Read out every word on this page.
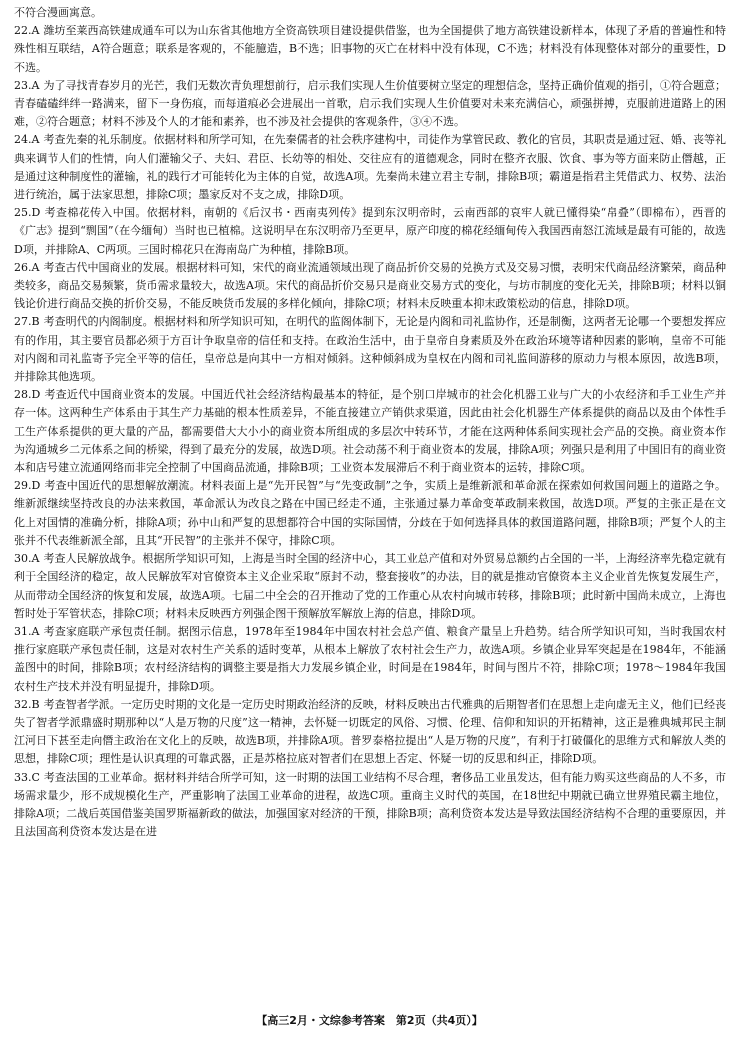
不符合漫画寓意。

22.A 潍坊至莱西高铁建成通车可以为山东省其他地方全资高铁项目建设提供借鉴，也为全国提供了地方高铁建设新样本，体现了矛盾的普遍性和特殊性相互联结，A符合题意；联系是客观的，不能臆造，B不选；旧事物的灭亡在材料中没有体现，C不选；材料没有体现整体对部分的重要性，D不选。

23.A 为了寻找青春岁月的光芒，我们无数次青负理想前行，启示我们实现人生价值要树立坚定的理想信念，坚持正确价值观的指引，①符合题意；青春磕磕绊绊一路满来，留下一身伤痕，而每道痕必会进展出一首歌，启示我们实现人生价值要对未来充满信心，顽强拼搏，克服前进道路上的困难，②符合题意；材料不涉及个人的才能和素养，也不涉及社会提供的客观条件，③④不选。

24.A 考查先秦的礼乐制度。依据材料和所学可知，在先秦儒者的社会秩序建构中，司徒作为掌管民政、教化的官员，其职责是通过冠、婚、丧等礼典来调节人们的性情，向人们灌输父子、夫妇、君臣、长幼等的相处、交往应有的道德观念，同时在整齐衣服、饮食、事为等方面来防止僭越，正是通过这种制度性的灌输，礼的践行才可能转化为主体的自觉，故选A项。先秦尚未建立君主专制，排除B项；霸道是指君主凭借武力、权势、法治进行统治，属于法家思想，排除C项；墨家反对不支之成，排除D项。

25.D 考查棉花传入中国。依据材料，南朝的《后汉书・西南夷列传》提到东汉明帝时，云南西部的哀牢人就已懂得染“帛叠”（即棉布），西晋的《广志》提到“剽国”（在今缅甸）当时也已植棉。这说明早在东汉明帝乃至更早，原产印度的棉花经缅甸传入我国西南怒江流域是最有可能的，故选D项，并排除A、C两项。三国时棉花只在海南岛广为种植，排除B项。

26.A 考查古代中国商业的发展。根据材料可知，宋代的商业流通领域出现了商品折价交易的兑换方式及交易习惯，表明宋代商品经济繁荣，商品种类较多，商品交易频繁，货币需求量较大，故选A项。宋代的商品折价交易只是商业交易方式的变化，与坊市制度的变化无关，排除B项；材料以铜钱论价进行商品交换的折价交易，不能反映货币发展的多样化倾向，排除C项；材料未反映重本抑末政策松动的信息，排除D项。

27.B 考查明代的内阁制度。根据材料和所学知识可知，在明代的监阁体制下，无论是内阁和司礼监协作，还是制衡，这两者无论哪一个要想发挥应有的作用，其主要官员都必须于方百计争取皇帝的信任和支持。在政治生活中，由于皇帝自身素质及外在政治环境等诸种因素的影响，皇帝不可能对内阁和司礼监寄予完全平等的信任，皇帝总是向其中一方相对倾斜。这种倾斜成为皇权在内阁和司礼监间游移的原动力与根本原因，故选B项，并排除其他选项。

28.D 考查近代中国商业资本的发展。中国近代社会经济结构最基本的特征，是个别口岸城市的社会化机器工业与广大的小农经济和手工业生产并存一体。这两种生产体系由于其生产力基础的根本性质差异，不能直接建立产销供求渠道，因此由社会化机器生产体系提供的商品以及由个体性手工生产体系提供的更大量的产品，都需要借大大小小的商业资本所组成的多层次中转环节，才能在这两种体系间实现社会产品的交换。商业资本作为沟通城乡二元体系之间的桥梁，得到了最充分的发展，故选D项。社会动荡不利于商业资本的发展，排除A项；列强只是利用了中国旧有的商业资本和店号建立流通网络而非完全控制了中国商品流通，排除B项；工业资本发展滞后不利于商业资本的运转，排除C项。

29.D 考查中国近代的思想解放潮流。材料表面上是“先开民智”与“先变政制”之争，实质上是维新派和革命派在探索如何救国问题上的道路之争。维新派继续坚持改良的办法来救国，革命派认为改良之路在中国已经走不通，主张通过暴力革命变革政制来救国，故选D项。严复的主张正是在文化上对国情的准确分析，排除A项；孙中山和严复的思想都符合中国的实际国情，分歧在于如何选择具体的救国道路问题，排除B项；严复个人的主张并不代表维新派全部，且其“开民智”的主张并不保守，排除C项。

30.A 考查人民解放战争。根据所学知识可知，上海是当时全国的经济中心，其工业总产值和对外贸易总额约占全国的一半，上海经济率先稳定就有利于全国经济的稳定，故人民解放军对官僚资本主义企业采取“原封不动，整套接收”的办法，目的就是推动官僚资本主义企业首先恢复发展生产，从而带动全国经济的恢复和发展，故选A项。七届二中全会的召开推动了党的工作重心从农村向城市转移，排除B项；此时新中国尚未成立，上海也暂时处于军管状态，排除C项；材料未反映西方列强企图干预解放军解放上海的信息，排除D项。

31.A 考查家庭联产承包责任制。据图示信息，1978年至1984年中国农村社会总产值、粮食产量呈上升趋势。结合所学知识可知，当时我国农村推行家庭联产承包责任制，这是对农村生产关系的适时变革，从根本上解放了农村社会生产力，故选A项。乡镇企业异军突起是在1984年，不能涵盖图中的时间，排除B项；农村经济结构的调整主要是指大力发展乡镇企业，时间是在1984年，时间与图片不符，排除C项；1978～1984年我国农村生产技术并没有明显提升，排除D项。

32.B 考查智者学派。一定历史时期的文化是一定历史时期政治经济的反映，材料反映出古代雅典的后期智者们在思想上走向虚无主义，他们已经丧失了智者学派鼎盛时期那种以“人是万物的尺度”这一精神，去怀疑一切既定的风俗、习惯、伦理、信仰和知识的开拓精神，这正是雅典城邦民主制江河日下甚至走向僭主政治在文化上的反映，故选B项，并排除A项。普罗泰格拉提出“人是万物的尺度”，有利于打破僵化的思维方式和解放人类的思想，排除C项；理性是认识真理的可靠武器，正是苏格拉底对智者们在思想上否定、怀疑一切的反思和纠正，排除D项。

33.C 考查法国的工业革命。据材料并结合所学可知，这一时期的法国工业结构不尽合理，奢侈品工业虽发达，但有能力购买这些商品的人不多，市场需求量少，形不成规模化生产，严重影响了法国工业革命的进程，故选C项。重商主义时代的英国，在18世纪中期就已确立世界殖民霸主地位，排除A项；二战后英国借鉴美国罗斯福新政的做法，加强国家对经济的干预，排除B项；高利贷资本发达是导致法国经济结构不合理的重要原因，并且法国高利贷资本发达是在进

【高三2月・文综参考答案　第2页（共4页）】
